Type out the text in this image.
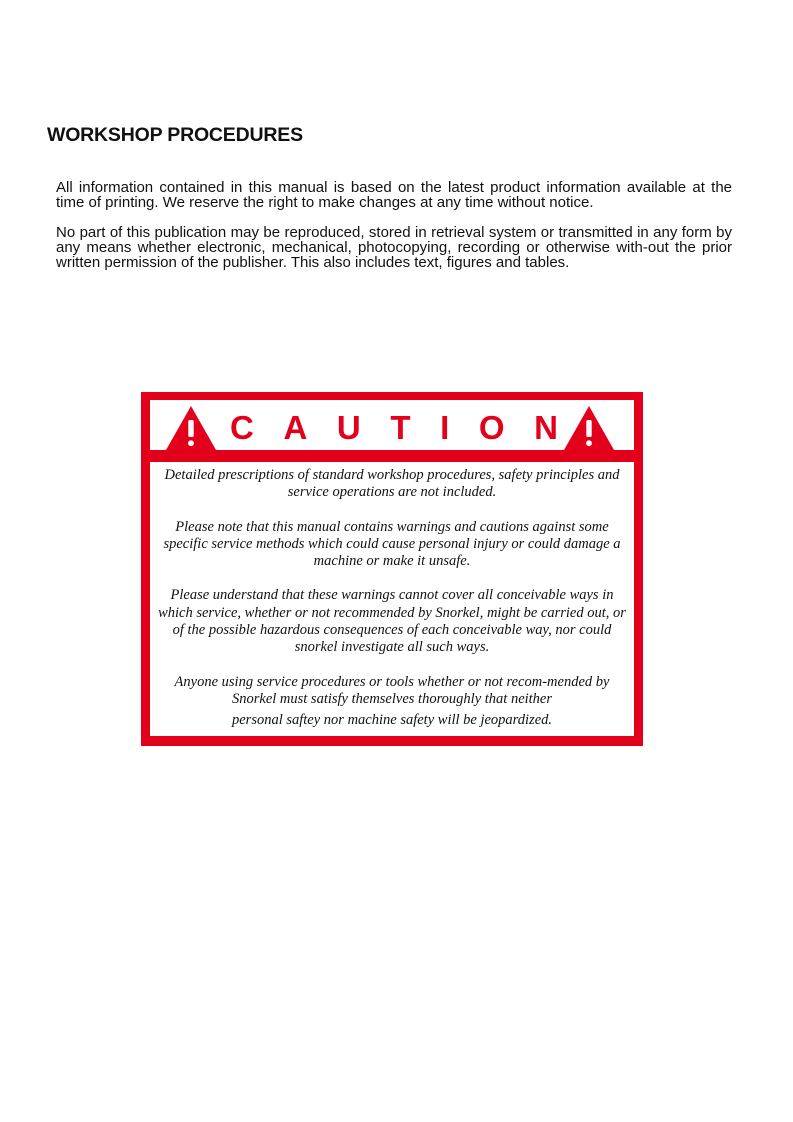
WORKSHOP PROCEDURES

All information contained in this manual is based on the latest product information available at the time of printing. We reserve the right to make changes at any time without notice.

No part of this publication may be reproduced, stored in retrieval system or transmitted in any form by any means whether electronic, mechanical, photocopying, recording or otherwise with-out the prior written permission of the publisher. This also includes text, figures and tables.

C A U T I O N

Detailed prescriptions of standard workshop procedures, safety principles and service operations are not included.

Please note that this manual contains warnings and cautions against some specific service methods which could cause personal injury or could damage a machine or make it unsafe.

Please understand that these warnings cannot cover all conceivable ways in which service, whether or not recommended by Snorkel, might be carried out, or of the possible hazardous consequences of each conceivable way, nor could snorkel investigate all such ways.

Anyone using service procedures or tools whether or not recom-mended by Snorkel must satisfy themselves thoroughly that neither

personal saftey nor machine safety will be jeopardized.
